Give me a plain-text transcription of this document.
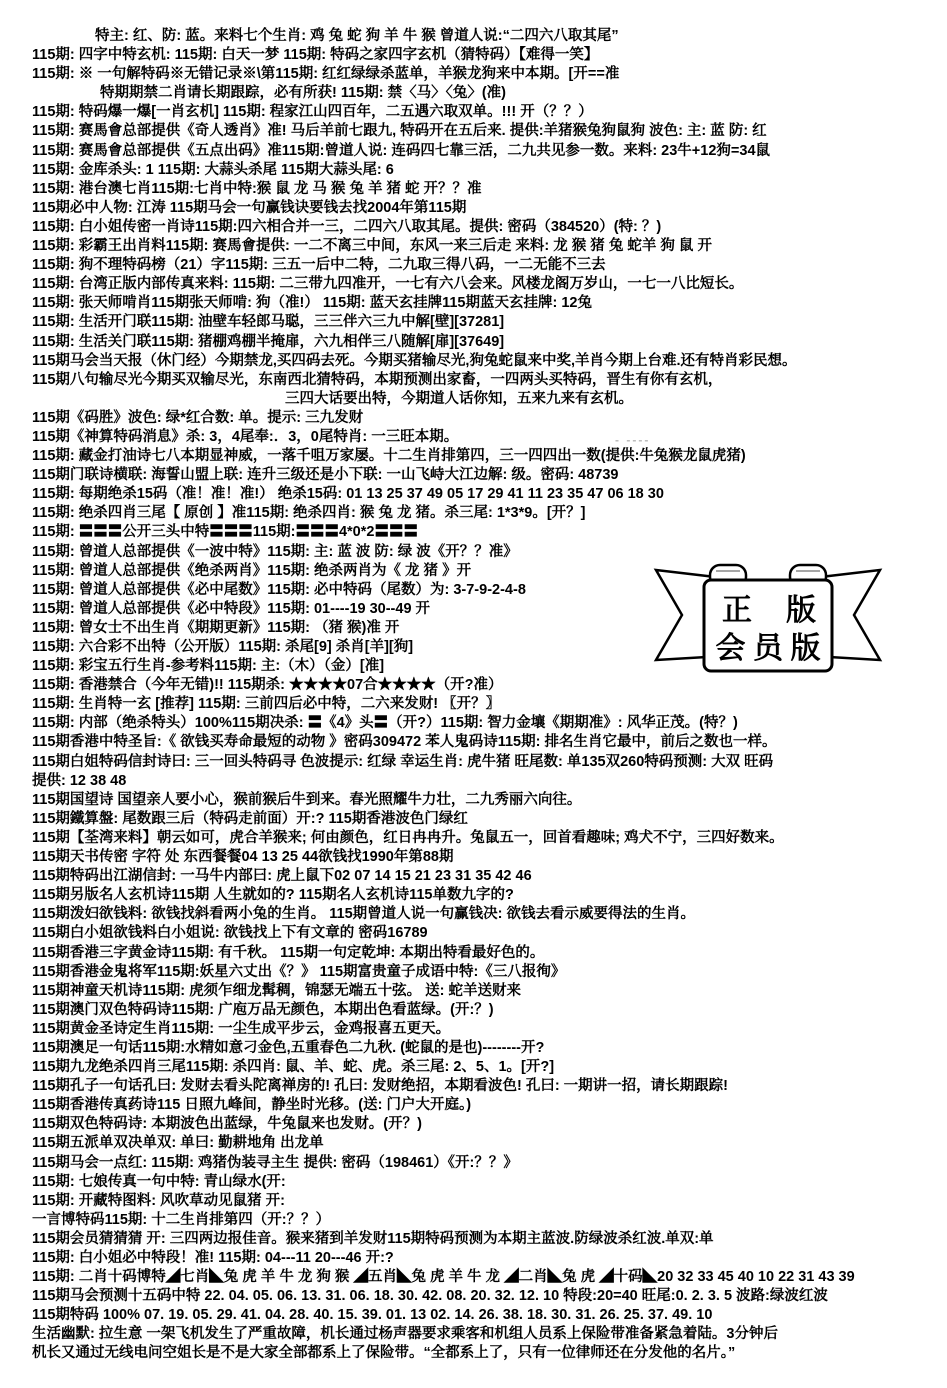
特主: 红、防: 蓝。来料七个生肖: 鸡 兔 蛇 狗 羊 牛 猴 曾道人说:“二四六八取其尾”
115期: 四字中特玄机: 115期: 白天一梦 115期: 特码之家四字玄机（猜特码）【难得一笑】
115期: ※ 一句解特码※无错记录※\第115期: 红红绿绿杀蓝单，羊猴龙狗来中本期。[开==准
特期期禁二肖请长期跟踪，必有所获! 115期: 禁〈马〉〈兔〉(准)
115期: 特码爆一爆[一肖玄机] 115期: 程家江山四百年，二五遇六取双单。!!! 开（？？）
115期: 赛馬會总部提供《奇人透肖》准! 马后羊前七跟九, 特码开在五后来. 提供:羊猪猴兔狗鼠狗 波色: 主: 蓝 防: 红
115期: 赛馬會总部提供《五点出码》准115期:曾道人说: 连码四七靠三活，二九共见参一数。来料: 23牛+12狗=34鼠
115期: 金库杀头: 1 115期: 大蒜头杀尾 115期大蒜头尾: 6
115期: 港台澳七肖115期:七肖中特:猴 鼠 龙 马 猴 兔 羊 猪 蛇 开？？准
115期必中人物: 江涛 115期马会一句赢钱诀要钱去找2004年第115期
115期: 白小姐传密一肖诗115期:四六相合并一三，二四六八取其尾。提供: 密码（384520）(特: ？)
115期: 彩霸王出肖料115期: 赛馬會提供: 一二不离三中间，东风一来三后走 来料: 龙 猴 猪 兔 蛇羊 狗 鼠 开
115期: 狗不理特码榜（21）字115期: 三五一后中二特，二九取三得八码，一二无能不三去
115期: 台湾正版内部传真来料: 115期: 二三带九四准开，一七有六八会来。风楼龙阁万岁山，一七一八比短长。
115期: 张天师啃肖115期张天师啃: 狗（准!） 115期: 蓝天玄挂牌115期蓝天玄挂牌: 12兔
115期: 生活开门联115期: 油壁车轻郎马聪，三三伴六三九中解[壁][37281]
115期: 生活关门联115期: 猪棚鸡棚半掩扉，六九相伴三八随解[扉][37649]
115期马会当天报（休门经）今期禁龙,买四码去死。今期买猪输尽光,狗兔蛇鼠来中奖,羊肖今期上台难.还有特肖彩民想。
115期八句输尽光今期买双输尽光，东南西北猜特码，本期预测出家畜，一四两头买特码，晋生有你有玄机，
三四大话要出特，今期道人话你知，五来九来有玄机。
115期《码胜》波色: 绿*红合数: 单。提示: 三九发财
115期《神算特码消息》杀: 3，4尾奉:．3，0尾特肖: 一三旺本期。
115期: 藏金打油诗七八本期显神威，一落千咀万家屡。十二生肖排第四，三一四四出一数(提供:牛兔猴龙鼠虎猪)
115期门联诗横联: 海誓山盟上联: 连升三级还是小下联: 一山飞峙大江边解: 级。密码: 48739
115期: 每期绝杀15码（准！准！准!） 绝杀15码: 01 13 25 37 49 05 17 29 41 11 23 35 47 06 18 30
115期: 绝杀四肖三尾【 原创 】准115期: 绝杀四肖: 猴 兔 龙 猪。杀三尾: 1*3*9。[开？]
115期: 〓〓〓公开三头中特〓〓〓115期:〓〓〓4*0*2〓〓〓
115期: 曾道人总部提供《一波中特》115期: 主: 蓝 波 防: 绿 波《开？？准》
115期: 曾道人总部提供《绝杀两肖》115期: 绝杀两肖为《 龙 猪 》开
115期: 曾道人总部提供《必中尾数》115期: 必中特码（尾数）为: 3-7-9-2-4-8
115期: 曾道人总部提供《必中特段》115期: 01----19 30--49 开
115期: 曾女士不出生肖《期期更新》115期: （猪 猴)准 开
115期: 六合彩不出特（公开版）115期: 杀尾[9] 杀肖[羊][狗]
115期: 彩宝五行生肖-参考料115期: 主:（木）（金）[准]
115期: 香港禁合（今年无错)!! 115期杀: ★★★★07合★★★★（开?准）
115期: 生肖特一玄 [推荐] 115期: 三前四后必中特，二六来发财! 〖开？〗
115期: 内部（绝杀特头）100%115期决杀: 〓《4》头〓（开?）115期: 智力金壤《期期准》: 风华正茂。(特？)
115期香港中特圣旨:《 欲钱买寿命最短的动物 》密码309472 苯人鬼码诗115期: 排名生肖它最中，前后之数也一样。
115期白姐特码信封诗曰: 三一回头特码寻 色波提示: 红绿 幸运生肖: 虎牛猪 旺尾数: 单135双260特码预测: 大双 旺码
提供: 12 38 48
115期国望诗 国望亲人要小心，猴前猴后牛到来。春光照耀牛力壮，二九秀丽六向往。
115期鐵算盤: 尾数跟三后（特码走前面）开:? 115期香港波色门绿红
115期【荃湾来料】朝云如可，虎合羊猴来; 何由颜色，红日冉冉升。兔鼠五一，回首看趣味; 鸡犬不宁，三四好数来。
115期天书传密 字符 处 东西餐餐04 13 25 44欲钱找1990年第88期
115期特码出江湖信封: 一马牛内部曰: 虎上鼠下02 07 14 15 21 23 31 35 42 46
115期另版名人玄机诗115期 人生就如的? 115期名人玄机诗115单数九字的?
115期泼妇欲钱料: 欲钱找斜看两小兔的生肖。 115期曾道人说一句赢钱决: 欲钱去看示威要得法的生肖。
115期白小姐欲钱料白小姐说: 欲钱找上下有文章的 密码16789
115期香港三字黄金诗115期: 有千秋。 115期一句定乾坤: 本期出特看最好色的。
115期香港金鬼将军115期:妖星六丈出《？》 115期富贵童子成语中特:《三八报徇》
115期神童天机诗115期: 虎须乍细龙髯稠，锦瑟无端五十弦。 送: 蛇羊送财来
115期澳门双色特码诗115期: 广庖万品无颜色，本期出色看蓝绿。(开:？)
115期黄金圣诗定生肖115期: 一尘生成平步云，金鸡报喜五更天。
115期澳足一句话115期:水精如意刁金色,五重春色二九秋. (蛇鼠的是也)--------开?
115期九龙绝杀四肖三尾115期: 杀四肖: 鼠、羊、蛇、虎。杀三尾: 2、5、1。[开?]
115期孔子一句话孔曰: 发财去看头陀离禅房的! 孔曰: 发财绝招，本期看波色! 孔曰: 一期讲一招，请长期跟踪!
115期香港传真药诗115 日照九峰间，静坐时光移。(送: 门户大开庭。)
115期双色特码诗: 本期波色出蓝绿，牛兔鼠来也发财。(开？)
115期五派单双决单双: 单曰: 勤耕地角 出龙单
115期马会一点红: 115期: 鸡猪伪装寻主生 提供: 密码（198461）《开:？？》
115期: 七娘传真一句中特: 青山绿水(开:
115期: 开藏特图料: 风吹草动见鼠猪 开:
一言博特码115期: 十二生肖排第四（开:？？）
115期会员猜猜猜 开: 三四两边报佳音。猴来猪到羊发财115期特码预测为本期主蓝波.防绿波杀红波.单双:单
115期: 白小姐必中特段！准! 115期: 04---11 20---46 开:?
115期: 二肖十码博特◢七肖◣兔 虎 羊 牛 龙 狗 猴 ◢五肖◣兔 虎 羊 牛 龙 ◢二肖◣兔 虎 ◢十码◣20 32 33 45 40 10 22 31 43 39
115期马会预测十五码中特 22. 04. 05. 06. 13. 31. 06. 18. 30. 42. 08. 20. 32. 12. 10 特段:20=40 旺尾:0. 2. 3. 5 波路:绿波红波
115期特码 100% 07. 19. 05. 29. 41. 04. 28. 40. 15. 39. 01. 13 02. 14. 26. 38. 18. 30. 31. 26. 25. 37. 49. 10
生活幽默: 拉生意 一架飞机发生了严重故障，机长通过杨声器要求乘客和机组人员系上保险带准备紧急着陆。3分钟后
机长又通过无线电问空姐长是不是大家全部都系上了保险带。“全都系上了，只有一位律师还在分发他的名片。”
‐ ‐‐‐‐
正 版
会 员 版
